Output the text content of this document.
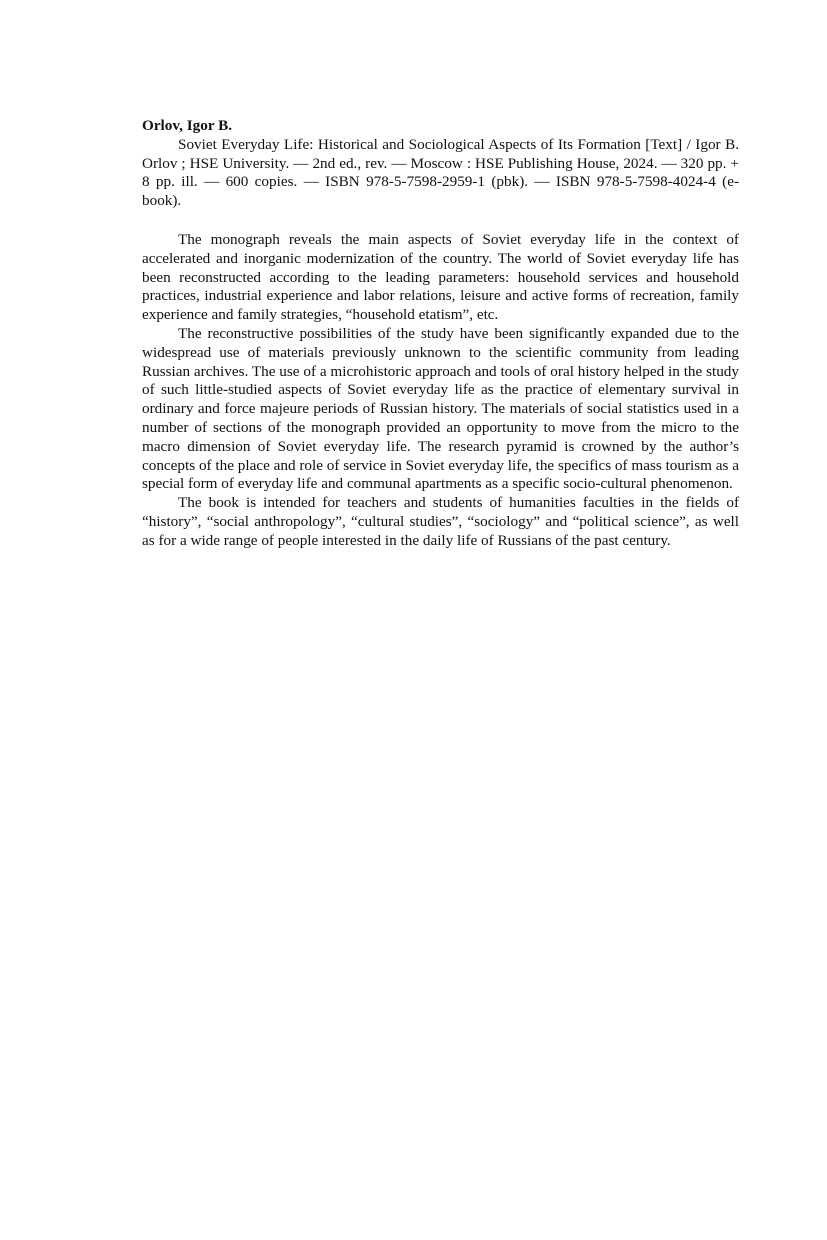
Orlov, Igor B.

Soviet Everyday Life: Historical and Sociological Aspects of Its Formation [Text] / Igor B. Orlov ; HSE University. — 2nd ed., rev. — Moscow : HSE Publishing House, 2024. — 320 pp. + 8 pp. ill. — 600 copies. — ISBN 978-5-7598-2959-1 (pbk). — ISBN 978-5-7598-4024-4 (e-book).

The monograph reveals the main aspects of Soviet everyday life in the context of accelerated and inorganic modernization of the country. The world of Soviet everyday life has been reconstructed according to the leading parameters: household services and household practices, industrial experience and labor relations, leisure and active forms of recreation, family experience and family strategies, “household etatism”, etc.

The reconstructive possibilities of the study have been significantly expanded due to the widespread use of materials previously unknown to the scientific community from leading Russian archives. The use of a microhistoric approach and tools of oral history helped in the study of such little-studied aspects of Soviet everyday life as the practice of elementary survival in ordinary and force majeure periods of Russian history. The materials of social statistics used in a number of sections of the monograph provided an opportunity to move from the micro to the macro dimension of Soviet everyday life. The research pyramid is crowned by the author’s concepts of the place and role of service in Soviet everyday life, the specifics of mass tourism as a special form of everyday life and communal apartments as a specific socio-cultural phenomenon.

The book is intended for teachers and students of humanities faculties in the fields of “history”, “social anthropology”, “cultural studies”, “sociology” and “political science”, as well as for a wide range of people interested in the daily life of Russians of the past century.
